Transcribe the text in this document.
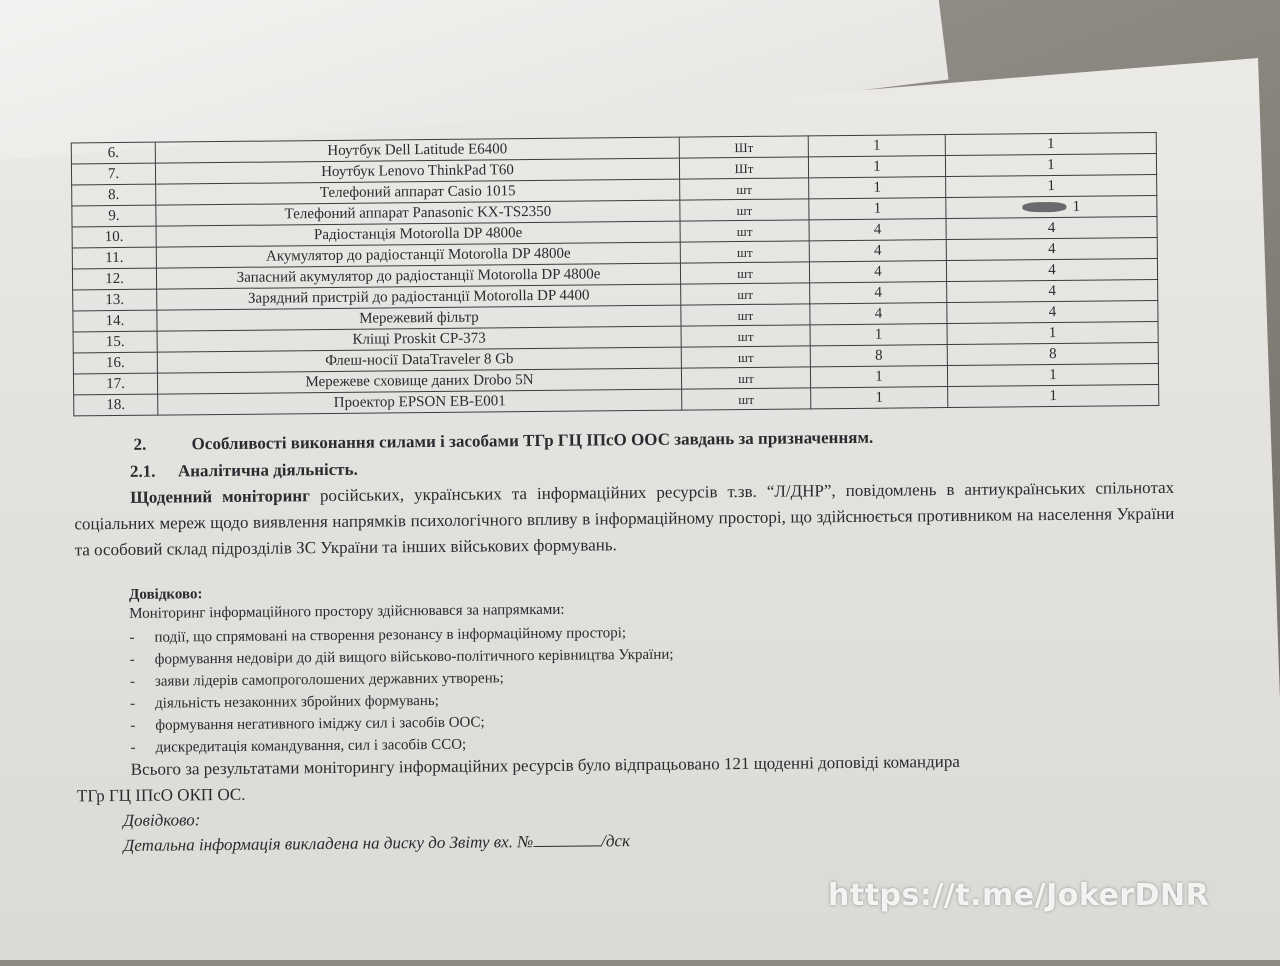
6.	Ноутбук Dell Latitude E6400	Шт	1	1
7.	Ноутбук Lenovo ThinkPad T60	Шт	1	1
8.	Телефоний аппарат Casio 1015	шт	1	1
9.	Телефоний аппарат Panasonic KX-TS2350	шт	1	1
10.	Радіостанція Motorolla DP 4800e	шт	4	4
11.	Акумулятор до радіостанції Motorolla DP 4800e	шт	4	4
12.	Запасний акумулятор до радіостанції Motorolla DP 4800e	шт	4	4
13.	Зарядний пристрій до радіостанції Motorolla DP 4400	шт	4	4
14.	Мережевий фільтр	шт	4	4
15.	Кліщі Proskit CP-373	шт	1	1
16.	Флеш-носії DataTraveler 8 Gb	шт	8	8
17.	Мережеве сховище даних Drobo 5N	шт	1	1
18.	Проектор EPSON EB-E001	шт	1	1
2.	Особливості виконання силами і засобами ТГр ГЦ ІПсО ООС завдань за призначенням.
2.1. Аналітична діяльність.
Щоденний моніторинг російських, українських та інформаційних ресурсів т.зв. “Л/ДНР”, повідомлень в антиукраїнських спільнотах соціальних мереж щодо виявлення напрямків психологічного впливу в інформаційному просторі, що здійснюється противником на населення України та особовий склад підрозділів ЗС України та інших військових формувань.
Довідково:
Моніторинг інформаційного простору здійснювався за напрямками:
- події, що спрямовані на створення резонансу в інформаційному просторі;
- формування недовіри до дій вищого військово-політичного керівництва України;
- заяви лідерів самопроголошених державних утворень;
- діяльність незаконних збройних формувань;
- формування негативного іміджу сил і засобів ООС;
- дискредитація командування, сил і засобів ССО;
Всього за результатами моніторингу інформаційних ресурсів було відпрацьовано 121 щоденні доповіді командира
ТГр ГЦ ІПсО ОКП ОС.
Довідково:
Детальна інформація викладена на диску до Звіту вх. №	/дск
https://t.me/JokerDNR
